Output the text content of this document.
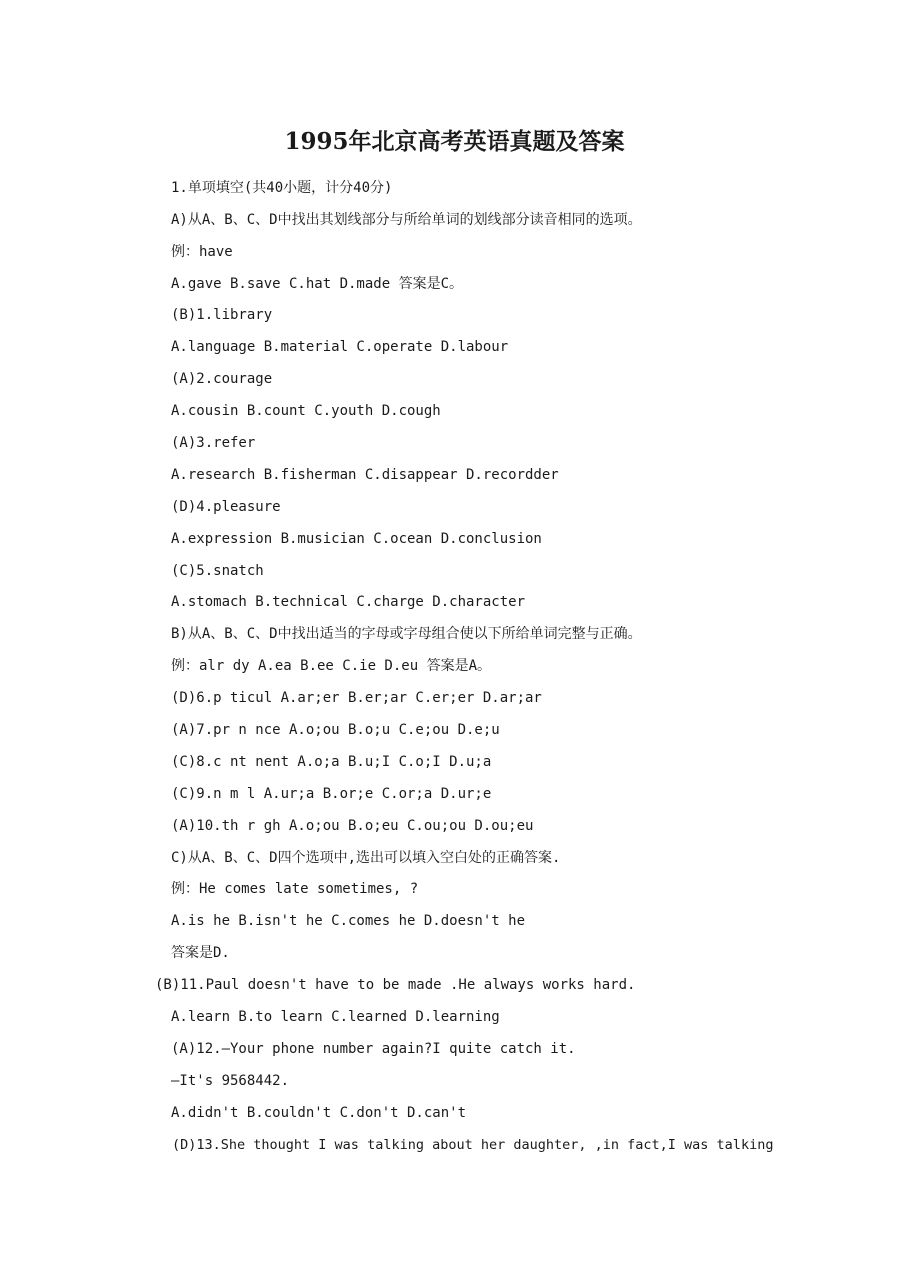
1995年北京高考英语真题及答案
1.单项填空(共40小题，计分40分)
A)从A、B、C、D中找出其划线部分与所给单词的划线部分读音相同的选项。
例：have
A.gave B.save C.hat D.made 答案是C。
(B)1.library
A.language B.material C.operate D.labour
(A)2.courage
A.cousin B.count C.youth D.cough
(A)3.refer
A.research B.fisherman C.disappear D.recordder
(D)4.pleasure
A.expression B.musician C.ocean D.conclusion
(C)5.snatch
A.stomach B.technical C.charge D.character
B)从A、B、C、D中找出适当的字母或字母组合使以下所给单词完整与正确。
例：alr dy A.ea B.ee C.ie D.eu 答案是A。
(D)6.p ticul A.ar;er B.er;ar C.er;er D.ar;ar
(A)7.pr n nce A.o;ou B.o;u C.e;ou D.e;u
(C)8.c nt nent A.o;a B.u;I C.o;I D.u;a
(C)9.n m l A.ur;a B.or;e C.or;a D.ur;e
(A)10.th r gh A.o;ou B.o;eu C.ou;ou D.ou;eu
C)从A、B、C、D四个选项中,选出可以填入空白处的正确答案.
例：He comes late sometimes, ?
A.is he B.isn't he C.comes he D.doesn't he
答案是D.
(B)11.Paul doesn't have to be made .He always works hard.
A.learn B.to learn C.learned D.learning
(A)12.—Your phone number again?I quite catch it.
—It's 9568442.
A.didn't B.couldn't C.don't D.can't
(D)13.She thought I was talking about her daughter, ,in fact,I was talking
